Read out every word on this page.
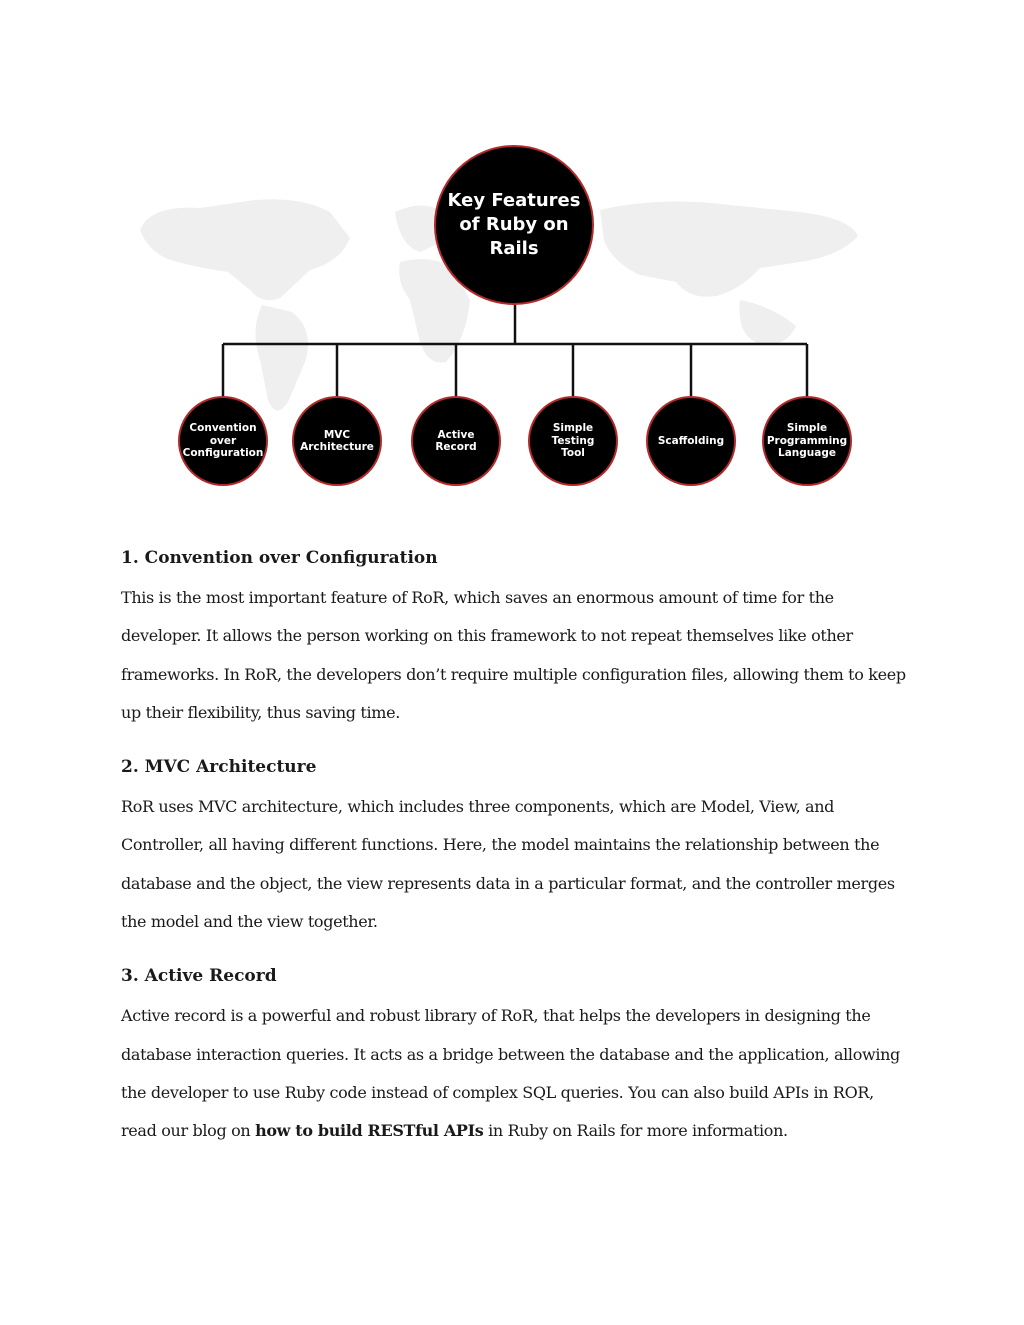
Key Features of Ruby on Rails
Convention over Configuration
MVC Architecture
Active Record
Simple Testing Tool
Scaffolding
Simple Programming Language
1. Convention over Configuration

This is the most important feature of RoR, which saves an enormous amount of time for the developer. It allows the person working on this framework to not repeat themselves like other frameworks. In RoR, the developers don’t require multiple configuration files, allowing them to keep up their flexibility, thus saving time.

2. MVC Architecture

RoR uses MVC architecture, which includes three components, which are Model, View, and Controller, all having different functions. Here, the model maintains the relationship between the database and the object, the view represents data in a particular format, and the controller merges the model and the view together.

3. Active Record

Active record is a powerful and robust library of RoR, that helps the developers in designing the database interaction queries. It acts as a bridge between the database and the application, allowing the developer to use Ruby code instead of complex SQL queries. You can also build APIs in ROR, read our blog on how to build RESTful APIs in Ruby on Rails for more information.
